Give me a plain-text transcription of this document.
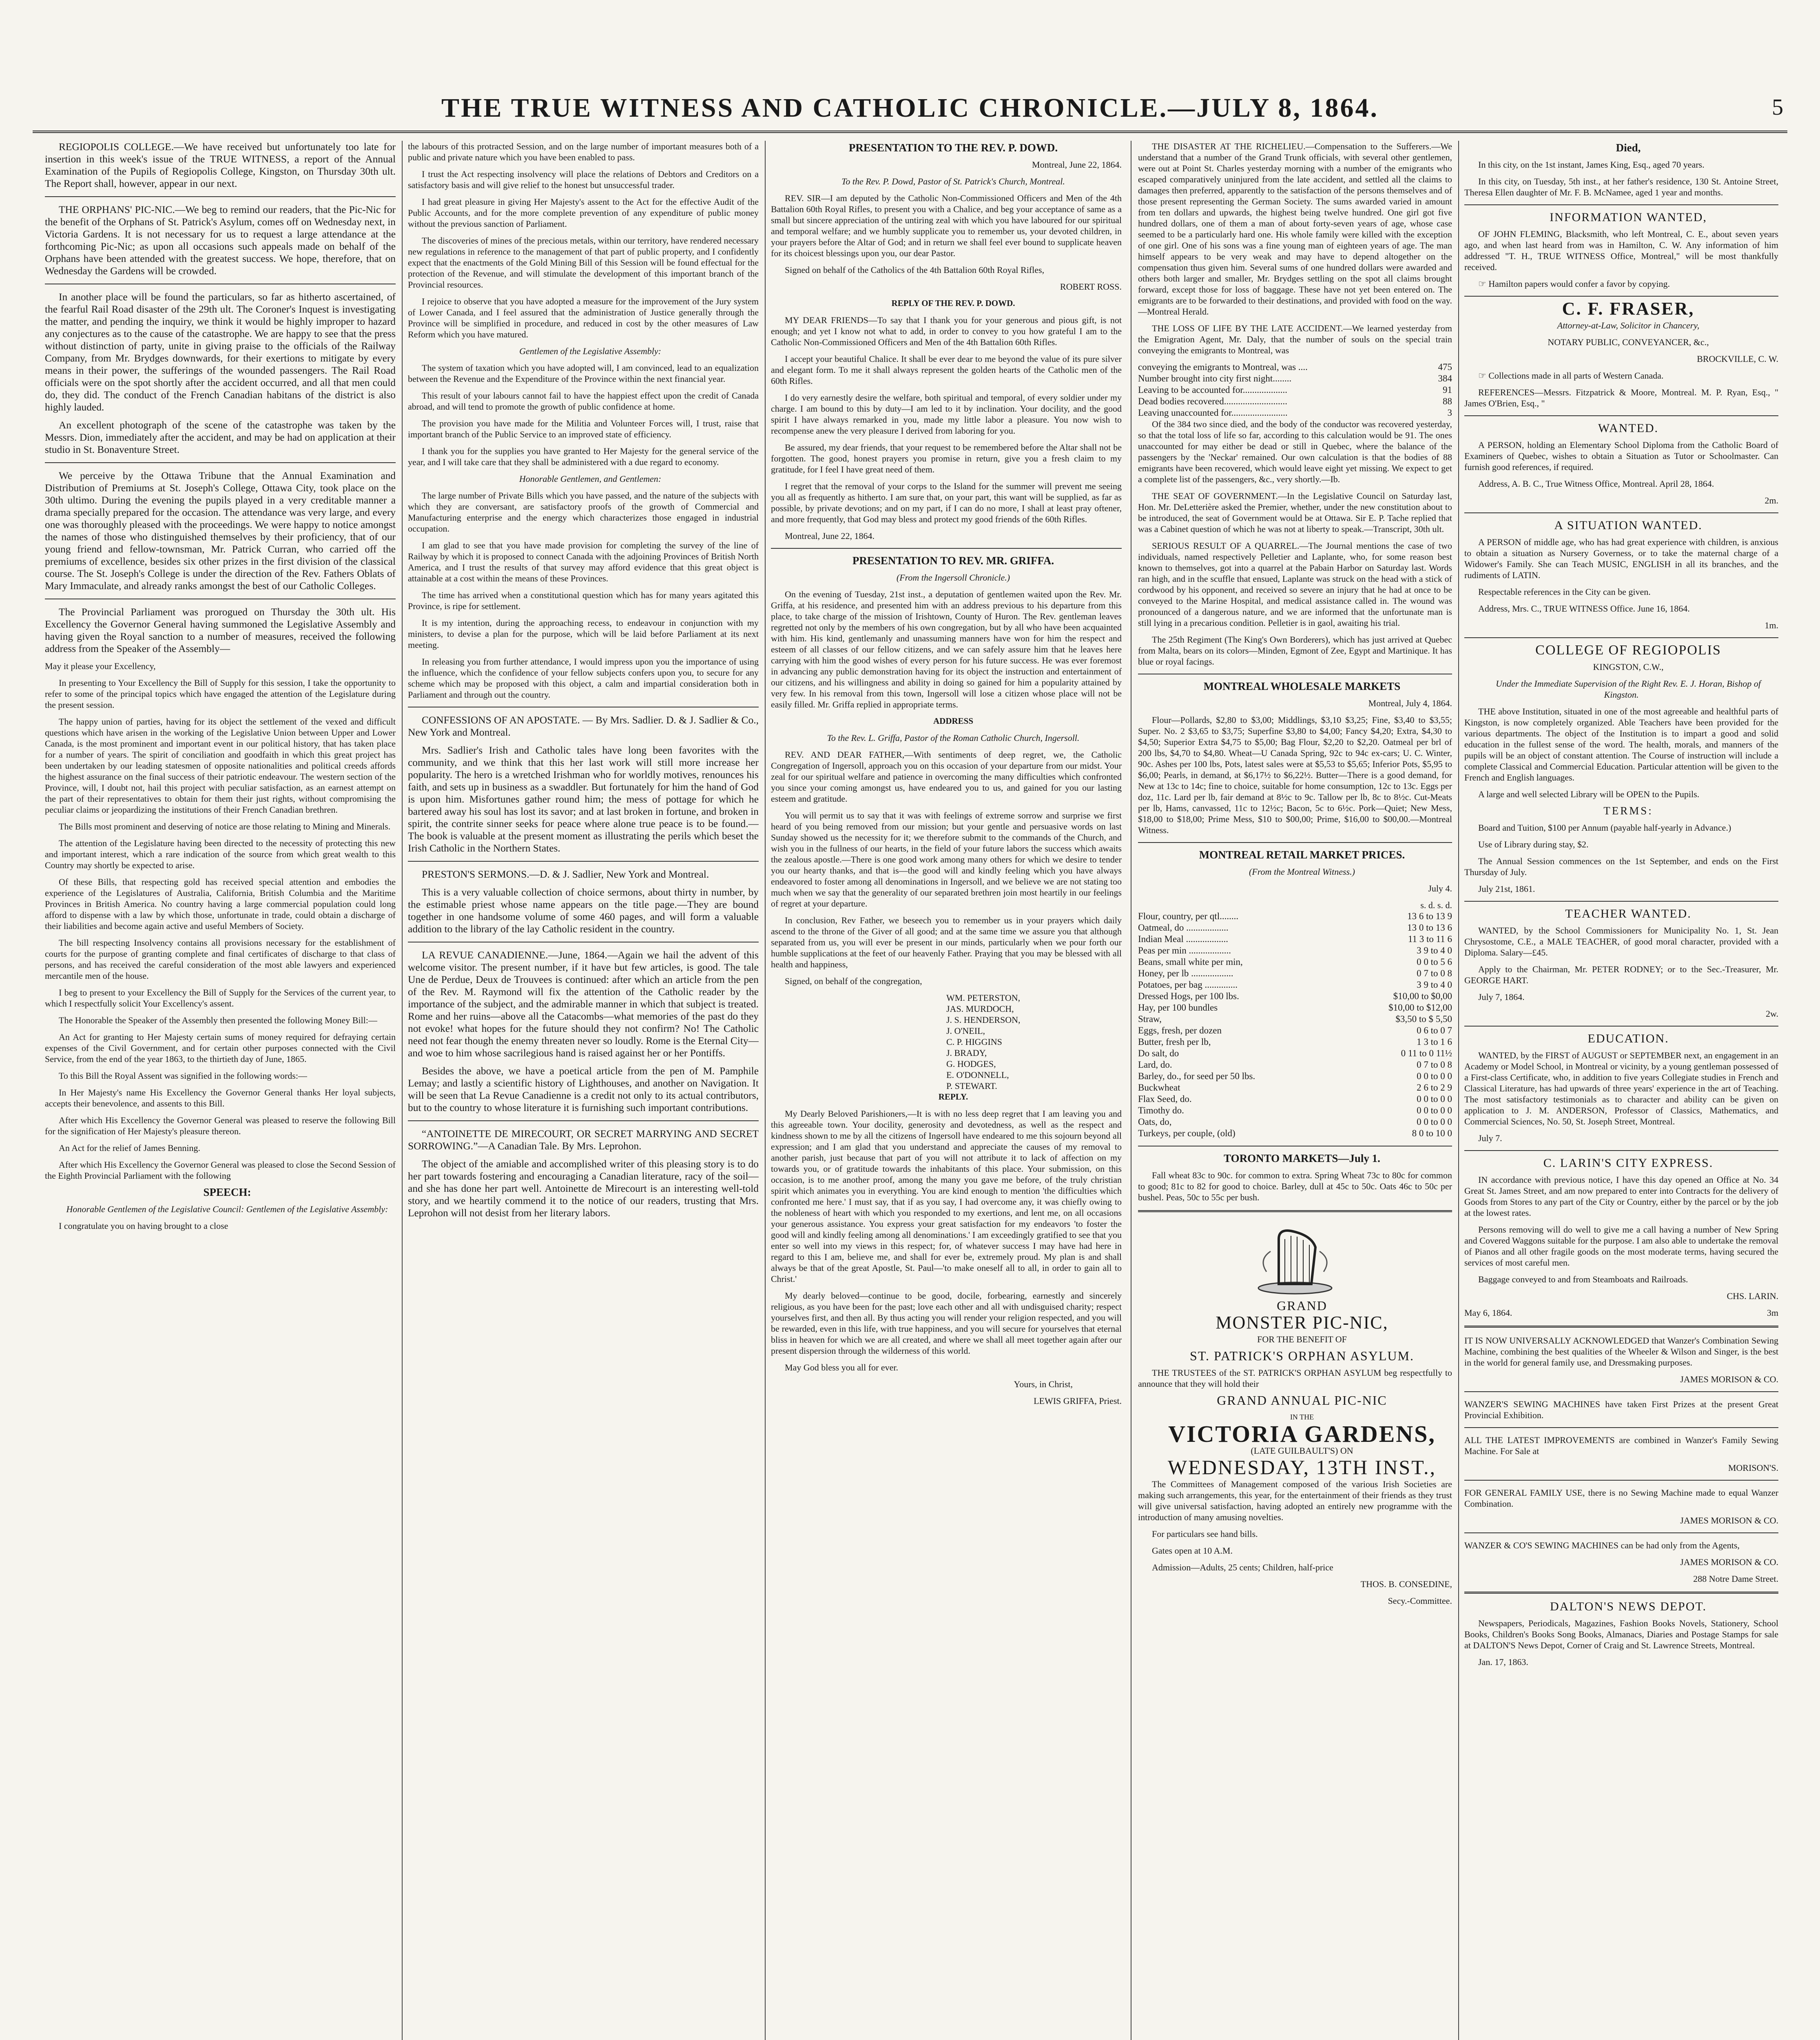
THE TRUE WITNESS AND CATHOLIC CHRONICLE.—JULY 8, 1864.	5

REGIOPOLIS COLLEGE.—We have received but unfortunately too late for insertion in this week's issue of the TRUE WITNESS, a report of the Annual Examination of the Pupils of Regiopolis College, Kingston, on Thursday 30th ult. The Report shall, however, appear in our next.

THE ORPHANS' PIC-NIC.—We beg to remind our readers, that the Pic-Nic for the benefit of the Orphans of St. Patrick's Asylum, comes off on Wednesday next, in Victoria Gardens. It is not necessary for us to request a large attendance at the forthcoming Pic-Nic; as upon all occasions such appeals made on behalf of the Orphans have been attended with the greatest success. We hope, therefore, that on Wednesday the Gardens will be crowded.

In another place will be found the particulars, so far as hitherto ascertained, of the fearful Rail Road disaster of the 29th ult. The Coroner's Inquest is investigating the matter, and pending the inquiry, we think it would be highly improper to hazard any conjectures as to the cause of the catastrophe. We are happy to see that the press without distinction of party, unite in giving praise to the officials of the Railway Company, from Mr. Brydges downwards, for their exertions to mitigate by every means in their power, the sufferings of the wounded passengers. The Rail Road officials were on the spot shortly after the accident occurred, and all that men could do, they did. The conduct of the French Canadian habitans of the district is also highly lauded.

An excellent photograph of the scene of the catastrophe was taken by the Messrs. Dion, immediately after the accident, and may be had on application at their studio in St. Bonaventure Street.

We perceive by the Ottawa Tribune that the Annual Examination and Distribution of Premiums at St. Joseph's College, Ottawa City, took place on the 30th ultimo. During the evening the pupils played in a very creditable manner a drama specially prepared for the occasion. The attendance was very large, and every one was thoroughly pleased with the proceedings. We were happy to notice amongst the names of those who distinguished themselves by their proficiency, that of our young friend and fellow-townsman, Mr. Patrick Curran, who carried off the premiums of excellence, besides six other prizes in the first division of the classical course. The St. Joseph's College is under the direction of the Rev. Fathers Oblats of Mary Immaculate, and already ranks amongst the best of our Catholic Colleges.

The Provincial Parliament was prorogued on Thursday the 30th ult. His Excellency the Governor General having summoned the Legislative Assembly and having given the Royal sanction to a number of measures, received the following address from the Speaker of the Assembly—

May it please your Excellency,

In presenting to Your Excellency the Bill of Supply for this session, I take the opportunity to refer to some of the principal topics which have engaged the attention of the Legislature during the present session.

The happy union of parties, having for its object the settlement of the vexed and difficult questions which have arisen in the working of the Legislative Union between Upper and Lower Canada, is the most prominent and important event in our political history, that has taken place for a number of years. The spirit of conciliation and goodfaith in which this great project has been undertaken by our leading statesmen of opposite nationalities and political creeds affords the highest assurance on the final success of their patriotic endeavour. The western section of the Province, will, I doubt not, hail this project with peculiar satisfaction, as an earnest attempt on the part of their representatives to obtain for them their just rights, without compromising the peculiar claims or jeopardizing the institutions of their French Canadian brethren.

The Bills most prominent and deserving of notice are those relating to Mining and Minerals.

The attention of the Legislature having been directed to the necessity of protecting this new and important interest, which a rare indication of the source from which great wealth to this Country may shortly be expected to arise.

Of these Bills, that respecting gold has received special attention and embodies the experience of the Legislatures of Australia, California, British Columbia and the Maritime Provinces in British America. No country having a large commercial population could long afford to dispense with a law by which those, unfortunate in trade, could obtain a discharge of their liabilities and become again active and useful Members of Society.

The bill respecting Insolvency contains all provisions necessary for the establishment of courts for the purpose of granting complete and final certificates of discharge to that class of persons, and has received the careful consideration of the most able lawyers and experienced mercantile men of the house.

I beg to present to your Excellency the Bill of Supply for the Services of the current year, to which I respectfully solicit Your Excellency's assent.

The Honorable the Speaker of the Assembly then presented the following Money Bill:—

An Act for granting to Her Majesty certain sums of money required for defraying certain expenses of the Civil Government, and for certain other purposes connected with the Civil Service, from the end of the year 1863, to the thirtieth day of June, 1865.

To this Bill the Royal Assent was signified in the following words:—

In Her Majesty's name His Excellency the Governor General thanks Her loyal subjects, accepts their benevolence, and assents to this Bill.

After which His Excellency the Governor General was pleased to reserve the following Bill for the signification of Her Majesty's pleasure thereon.

An Act for the relief of James Benning.

After which His Excellency the Governor General was pleased to close the Second Session of the Eighth Provincial Parliament with the following

SPEECH:

Honorable Gentlemen of the Legislative Council: Gentlemen of the Legislative Assembly:

I congratulate you on having brought to a close

the labours of this protracted Session, and on the large number of important measures both of a public and private nature which you have been enabled to pass.

I trust the Act respecting insolvency will place the relations of Debtors and Creditors on a satisfactory basis and will give relief to the honest but unsuccessful trader.

I had great pleasure in giving Her Majesty's assent to the Act for the effective Audit of the Public Accounts, and for the more complete prevention of any expenditure of public money without the previous sanction of Parliament.

The discoveries of mines of the precious metals, within our territory, have rendered necessary new regulations in reference to the management of that part of public property, and I confidently expect that the enactments of the Gold Mining Bill of this Session will be found effectual for the protection of the Revenue, and will stimulate the development of this important branch of the Provincial resources.

I rejoice to observe that you have adopted a measure for the improvement of the Jury system of Lower Canada, and I feel assured that the administration of Justice generally through the Province will be simplified in procedure, and reduced in cost by the other measures of Law Reform which you have matured.

Gentlemen of the Legislative Assembly:

The system of taxation which you have adopted will, I am convinced, lead to an equalization between the Revenue and the Expenditure of the Province within the next financial year.

This result of your labours cannot fail to have the happiest effect upon the credit of Canada abroad, and will tend to promote the growth of public confidence at home.

The provision you have made for the Militia and Volunteer Forces will, I trust, raise that important branch of the Public Service to an improved state of efficiency.

I thank you for the supplies you have granted to Her Majesty for the general service of the year, and I will take care that they shall be administered with a due regard to economy.

Honorable Gentlemen, and Gentlemen:

The large number of Private Bills which you have passed, and the nature of the subjects with which they are conversant, are satisfactory proofs of the growth of Commercial and Manufacturing enterprise and the energy which characterizes those engaged in industrial occupation.

I am glad to see that you have made provision for completing the survey of the line of Railway by which it is proposed to connect Canada with the adjoining Provinces of British North America, and I trust the results of that survey may afford evidence that this great object is attainable at a cost within the means of these Provinces.

The time has arrived when a constitutional question which has for many years agitated this Province, is ripe for settlement.

It is my intention, during the approaching recess, to endeavour in conjunction with my ministers, to devise a plan for the purpose, which will be laid before Parliament at its next meeting.

In releasing you from further attendance, I would impress upon you the importance of using the influence, which the confidence of your fellow subjects confers upon you, to secure for any scheme which may be proposed with this object, a calm and impartial consideration both in Parliament and through out the country.

CONFESSIONS OF AN APOSTATE. — By Mrs. Sadlier. D. & J. Sadlier & Co., New York and Montreal.

Mrs. Sadlier's Irish and Catholic tales have long been favorites with the community, and we think that this her last work will still more increase her popularity. The hero is a wretched Irishman who for worldly motives, renounces his faith, and sets up in business as a swaddler. But fortunately for him the hand of God is upon him. Misfortunes gather round him; the mess of pottage for which he bartered away his soul has lost its savor; and at last broken in fortune, and broken in spirit, the contrite sinner seeks for peace where alone true peace is to be found.—The book is valuable at the present moment as illustrating the perils which beset the Irish Catholic in the Northern States.

PRESTON'S SERMONS.—D. & J. Sadlier, New York and Montreal.

This is a very valuable collection of choice sermons, about thirty in number, by the estimable priest whose name appears on the title page.—They are bound together in one handsome volume of some 460 pages, and will form a valuable addition to the library of the lay Catholic resident in the country.

LA REVUE CANADIENNE.—June, 1864.—Again we hail the advent of this welcome visitor. The present number, if it have but few articles, is good. The tale Une de Perdue, Deux de Trouvees is continued: after which an article from the pen of the Rev. M. Raymond will fix the attention of the Catholic reader by the importance of the subject, and the admirable manner in which that subject is treated. Rome and her ruins—above all the Catacombs—what memories of the past do they not evoke! what hopes for the future should they not confirm? No! The Catholic need not fear though the enemy threaten never so loudly. Rome is the Eternal City—and woe to him whose sacrilegious hand is raised against her or her Pontiffs.

Besides the above, we have a poetical article from the pen of M. Pamphile Lemay; and lastly a scientific history of Lighthouses, and another on Navigation. It will be seen that La Revue Canadienne is a credit not only to its actual contributors, but to the country to whose literature it is furnishing such important contributions.

“ANTOINETTE DE MIRECOURT, OR SECRET MARRYING AND SECRET SORROWING.”—A Canadian Tale. By Mrs. Leprohon.

The object of the amiable and accomplished writer of this pleasing story is to do her part towards fostering and encouraging a Canadian literature, racy of the soil—and she has done her part well. Antoinette de Mirecourt is an interesting well-told story, and we heartily commend it to the notice of our readers, trusting that Mrs. Leprohon will not desist from her literary labors.

PRESENTATION TO THE REV. P. DOWD.

Montreal, June 22, 1864.

To the Rev. P. Dowd, Pastor of St. Patrick's Church, Montreal.

REV. SIR—I am deputed by the Catholic Non-Commissioned Officers and Men of the 4th Battalion 60th Royal Rifles, to present you with a Chalice, and beg your acceptance of same as a small but sincere appreciation of the untiring zeal with which you have laboured for our spiritual and temporal welfare; and we humbly supplicate you to remember us, your devoted children, in your prayers before the Altar of God; and in return we shall feel ever bound to supplicate heaven for its choicest blessings upon you, our dear Pastor.

Signed on behalf of the Catholics of the 4th Battalion 60th Royal Rifles,

ROBERT ROSS.

REPLY OF THE REV. P. DOWD.

MY DEAR FRIENDS—To say that I thank you for your generous and pious gift, is not enough; and yet I know not what to add, in order to convey to you how grateful I am to the Catholic Non-Commissioned Officers and Men of the 4th Battalion 60th Rifles.

I accept your beautiful Chalice. It shall be ever dear to me beyond the value of its pure silver and elegant form. To me it shall always represent the golden hearts of the Catholic men of the 60th Rifles.

I do very earnestly desire the welfare, both spiritual and temporal, of every soldier under my charge. I am bound to this by duty—I am led to it by inclination. Your docility, and the good spirit I have always remarked in you, made my little labor a pleasure. You now wish to recompense anew the very pleasure I derived from laboring for you.

Be assured, my dear friends, that your request to be remembered before the Altar shall not be forgotten. The good, honest prayers you promise in return, give you a fresh claim to my gratitude, for I feel I have great need of them.

I regret that the removal of your corps to the Island for the summer will prevent me seeing you all as frequently as hitherto. I am sure that, on your part, this want will be supplied, as far as possible, by private devotions; and on my part, if I can do no more, I shall at least pray oftener, and more frequently, that God may bless and protect my good friends of the 60th Rifles.

Montreal, June 22, 1864.

PRESENTATION TO REV. MR. GRIFFA.

(From the Ingersoll Chronicle.)

On the evening of Tuesday, 21st inst., a deputation of gentlemen waited upon the Rev. Mr. Griffa, at his residence, and presented him with an address previous to his departure from this place, to take charge of the mission of Irishtown, County of Huron. The Rev. gentleman leaves regretted not only by the members of his own congregation, but by all who have been acquainted with him. His kind, gentlemanly and unassuming manners have won for him the respect and esteem of all classes of our fellow citizens, and we can safely assure him that he leaves here carrying with him the good wishes of every person for his future success. He was ever foremost in advancing any public demonstration having for its object the instruction and entertainment of our citizens, and his willingness and ability in doing so gained for him a popularity attained by very few. In his removal from this town, Ingersoll will lose a citizen whose place will not be easily filled. Mr. Griffa replied in appropriate terms.

ADDRESS

To the Rev. L. Griffa, Pastor of the Roman Catholic Church, Ingersoll.

REV. AND DEAR FATHER,—With sentiments of deep regret, we, the Catholic Congregation of Ingersoll, approach you on this occasion of your departure from our midst. Your zeal for our spiritual welfare and patience in overcoming the many difficulties which confronted you since your coming amongst us, have endeared you to us, and gained for you our lasting esteem and gratitude.

You will permit us to say that it was with feelings of extreme sorrow and surprise we first heard of you being removed from our mission; but your gentle and persuasive words on last Sunday showed us the necessity for it; we therefore submit to the commands of the Church, and wish you in the fullness of our hearts, in the field of your future labors the success which awaits the zealous apostle.—There is one good work among many others for which we desire to tender you our hearty thanks, and that is—the good will and kindly feeling which you have always endeavored to foster among all denominations in Ingersoll, and we believe we are not stating too much when we say that the generality of our separated brethren join most heartily in our feelings of regret at your departure.

In conclusion, Rev Father, we beseech you to remember us in your prayers which daily ascend to the throne of the Giver of all good; and at the same time we assure you that although separated from us, you will ever be present in our minds, particularly when we pour forth our humble supplications at the feet of our heavenly Father. Praying that you may be blessed with all health and happiness,

Signed, on behalf of the congregation,

WM. PETERSTON,
JAS. MURDOCH,
J. S. HENDERSON,
J. O'NEIL,
C. P. HIGGINS
J. BRADY,
G. HODGES,
E. O'DONNELL,
P. STEWART.

REPLY.

My Dearly Beloved Parishioners,—It is with no less deep regret that I am leaving you and this agreeable town. Your docility, generosity and devotedness, as well as the respect and kindness shown to me by all the citizens of Ingersoll have endeared to me this sojourn beyond all expression; and I am glad that you understand and appreciate the causes of my removal to another parish, just because that part of you will not attribute it to lack of affection on my towards you, or of gratitude towards the inhabitants of this place. Your submission, on this occasion, is to me another proof, among the many you gave me before, of the truly christian spirit which animates you in everything. You are kind enough to mention 'the difficulties which confronted me here.' I must say, that if as you say, I had overcome any, it was chiefly owing to the nobleness of heart with which you responded to my exertions, and lent me, on all occasions your generous assistance. You express your great satisfaction for my endeavors 'to foster the good will and kindly feeling among all denominations.' I am exceedingly gratified to see that you enter so well into my views in this respect; for, of whatever success I may have had here in regard to this I am, believe me, and shall for ever be, extremely proud. My plan is and shall always be that of the great Apostle, St. Paul—'to make oneself all to all, in order to gain all to Christ.'

My dearly beloved—continue to be good, docile, forbearing, earnestly and sincerely religious, as you have been for the past; love each other and all with undisguised charity; respect yourselves first, and then all. By thus acting you will render your religion respected, and you will be rewarded, even in this life, with true happiness, and you will secure for yourselves that eternal bliss in heaven for which we are all created, and where we shall all meet together again after our present dispersion through the wilderness of this world.

May God bless you all for ever.

Yours, in Christ,

LEWIS GRIFFA, Priest.

THE DISASTER AT THE RICHELIEU.—Compensation to the Sufferers.—We understand that a number of the Grand Trunk officials, with several other gentlemen, were out at Point St. Charles yesterday morning with a number of the emigrants who escaped comparatively uninjured from the late accident, and settled all the claims to damages then preferred, apparently to the satisfaction of the persons themselves and of those present representing the German Society. The sums awarded varied in amount from ten dollars and upwards, the highest being twelve hundred. One girl got five hundred dollars, one of them a man of about forty-seven years of age, whose case seemed to be a particularly hard one. His whole family were killed with the exception of one girl. One of his sons was a fine young man of eighteen years of age. The man himself appears to be very weak and may have to depend altogether on the compensation thus given him. Several sums of one hundred dollars were awarded and others both larger and smaller, Mr. Brydges settling on the spot all claims brought forward, except those for loss of baggage. These have not yet been entered on. The emigrants are to be forwarded to their destinations, and provided with food on the way.—Montreal Herald.

THE LOSS OF LIFE BY THE LATE ACCIDENT.—We learned yesterday from the Emigration Agent, Mr. Daly, that the number of souls on the special train conveying the emigrants to Montreal, was

conveying the emigrants to Montreal, was ....	475
Number brought into city first night........	384
Leaving to be accounted for...................	91
Dead bodies recovered...........................	88
Leaving unaccounted for........................	3

Of the 384 two since died, and the body of the conductor was recovered yesterday, so that the total loss of life so far, according to this calculation would be 91. The ones unaccounted for may either be dead or still in Quebec, where the balance of the passengers by the 'Neckar' remained. Our own calculation is that the bodies of 88 emigrants have been recovered, which would leave eight yet missing. We expect to get a complete list of the passengers, &c., very shortly.—Ib.

THE SEAT OF GOVERNMENT.—In the Legislative Council on Saturday last, Hon. Mr. DeLetterière asked the Premier, whether, under the new constitution about to be introduced, the seat of Government would be at Ottawa. Sir E. P. Tache replied that was a Cabinet question of which he was not at liberty to speak.—Transcript, 30th ult.

SERIOUS RESULT OF A QUARREL.—The Journal mentions the case of two individuals, named respectively Pelletier and Laplante, who, for some reason best known to themselves, got into a quarrel at the Pabain Harbor on Saturday last. Words ran high, and in the scuffle that ensued, Laplante was struck on the head with a stick of cordwood by his opponent, and received so severe an injury that he had at once to be conveyed to the Marine Hospital, and medical assistance called in. The wound was pronounced of a dangerous nature, and we are informed that the unfortunate man is still lying in a precarious condition. Pelletier is in gaol, awaiting his trial.

The 25th Regiment (The King's Own Borderers), which has just arrived at Quebec from Malta, bears on its colors—Minden, Egmont of Zee, Egypt and Martinique. It has blue or royal facings.

MONTREAL WHOLESALE MARKETS

Montreal, July 4, 1864.

Flour—Pollards, $2,80 to $3,00; Middlings, $3,10 $3,25; Fine, $3,40 to $3,55; Super. No. 2 $3,65 to $3,75; Superfine $3,80 to $4,00; Fancy $4,20; Extra, $4,30 to $4,50; Superior Extra $4,75 to $5,00; Bag Flour, $2,20 to $2,20. Oatmeal per brl of 200 lbs, $4,70 to $4,80. Wheat—U Canada Spring, 92c to 94c ex-cars; U. C. Winter, 90c. Ashes per 100 lbs, Pots, latest sales were at $5,53 to $5,65; Inferior Pots, $5,95 to $6,00; Pearls, in demand, at $6,17½ to $6,22½. Butter—There is a good demand, for New at 13c to 14c; fine to choice, suitable for home consumption, 12c to 13c. Eggs per doz, 11c. Lard per lb, fair demand at 8½c to 9c. Tallow per lb, 8c to 8½c. Cut-Meats per lb, Hams, canvassed, 11c to 12½c; Bacon, 5c to 6½c. Pork—Quiet; New Mess, $18,00 to $18,00; Prime Mess, $10 to $00,00; Prime, $16,00 to $00,00.—Montreal Witness.

MONTREAL RETAIL MARKET PRICES.

(From the Montreal Witness.)

July 4.

s. d. s. d.

Flour, country, per qtl........	13 6 to 13 9
Oatmeal, do ..................	13 0 to 13 6
Indian Meal ..................	11 3 to 11 6
Peas per min ..................	3 9 to 4 0
Beans, small white per min,	0 0 to 5 6
Honey, per lb ..................	0 7 to 0 8
Potatoes, per bag ..............	3 9 to 4 0
Dressed Hogs, per 100 lbs.	$10,00 to $0,00
Hay, per 100 bundles	$10,00 to $12,00
Straw,	$3,50 to $ 5,50
Eggs, fresh, per dozen	0 6 to 0 7
Butter, fresh per lb,	1 3 to 1 6
Do salt, do	0 11 to 0 11½
Lard, do.	0 7 to 0 8
Barley, do., for seed per 50 lbs.	0 0 to 0 0
Buckwheat	2 6 to 2 9
Flax Seed, do.	0 0 to 0 0
Timothy do.	0 0 to 0 0
Oats, do,	0 0 to 0 0
Turkeys, per couple, (old)	8 0 to 10 0

TORONTO MARKETS—July 1.

Fall wheat 83c to 90c. for common to extra. Spring Wheat 73c to 80c for common to good; 81c to 82 for good to choice. Barley, dull at 45c to 50c. Oats 46c to 50c per bushel. Peas, 50c to 55c per bush.

GRAND

MONSTER PIC-NIC,

FOR THE BENEFIT OF

ST. PATRICK'S ORPHAN ASYLUM.

THE TRUSTEES of the ST. PATRICK'S ORPHAN ASYLUM beg respectfully to announce that they will hold their

GRAND ANNUAL PIC-NIC

IN THE

VICTORIA GARDENS,

(LATE GUILBAULT'S) ON

WEDNESDAY, 13TH INST.,

The Committees of Management composed of the various Irish Societies are making such arrangements, this year, for the entertainment of their friends as they trust will give universal satisfaction, having adopted an entirely new programme with the introduction of many amusing novelties.

For particulars see hand bills.

Gates open at 10 A.M.

Admission—Adults, 25 cents; Children, half-price

THOS. B. CONSEDINE,

Secy.-Committee.

Died,

In this city, on the 1st instant, James King, Esq., aged 70 years.

In this city, on Tuesday, 5th inst., at her father's residence, 130 St. Antoine Street, Theresa Ellen daughter of Mr. F. B. McNamee, aged 1 year and months.

INFORMATION WANTED,

OF JOHN FLEMING, Blacksmith, who left Montreal, C. E., about seven years ago, and when last heard from was in Hamilton, C. W. Any information of him addressed "T. H., TRUE WITNESS Office, Montreal," will be most thankfully received.

☞ Hamilton papers would confer a favor by copying.

C. F. FRASER,

Attorney-at-Law, Solicitor in Chancery,

NOTARY PUBLIC, CONVEYANCER, &c.,

BROCKVILLE, C. W.

☞ Collections made in all parts of Western Canada.

REFERENCES—Messrs. Fitzpatrick & Moore, Montreal. M. P. Ryan, Esq., " James O'Brien, Esq., "

WANTED.

A PERSON, holding an Elementary School Diploma from the Catholic Board of Examiners of Quebec, wishes to obtain a Situation as Tutor or Schoolmaster. Can furnish good references, if required.

Address, A. B. C., True Witness Office, Montreal. April 28, 1864.

2m.

A SITUATION WANTED.

A PERSON of middle age, who has had great experience with children, is anxious to obtain a situation as Nursery Governess, or to take the maternal charge of a Widower's Family. She can Teach MUSIC, ENGLISH in all its branches, and the rudiments of LATIN.

Respectable references in the City can be given.

Address, Mrs. C., TRUE WITNESS Office. June 16, 1864.

1m.

COLLEGE OF REGIOPOLIS

KINGSTON, C.W.,

Under the Immediate Supervision of the Right Rev. E. J. Horan, Bishop of Kingston.

THE above Institution, situated in one of the most agreeable and healthful parts of Kingston, is now completely organized. Able Teachers have been provided for the various departments. The object of the Institution is to impart a good and solid education in the fullest sense of the word. The health, morals, and manners of the pupils will be an object of constant attention. The Course of instruction will include a complete Classical and Commercial Education. Particular attention will be given to the French and English languages.

A large and well selected Library will be OPEN to the Pupils.

TERMS:

Board and Tuition, $100 per Annum (payable half-yearly in Advance.)

Use of Library during stay, $2.

The Annual Session commences on the 1st September, and ends on the First Thursday of July.

July 21st, 1861.

TEACHER WANTED.

WANTED, by the School Commissioners for Municipality No. 1, St. Jean Chrysostome, C.E., a MALE TEACHER, of good moral character, provided with a Diploma. Salary—£45.

Apply to the Chairman, Mr. PETER RODNEY; or to the Sec.-Treasurer, Mr. GEORGE HART.

July 7, 1864.

2w.

EDUCATION.

WANTED, by the FIRST of AUGUST or SEPTEMBER next, an engagement in an Academy or Model School, in Montreal or vicinity, by a young gentleman possessed of a First-class Certificate, who, in addition to five years Collegiate studies in French and Classical Literature, has had upwards of three years' experience in the art of Teaching. The most satisfactory testimonials as to character and ability can be given on application to J. M. ANDERSON, Professor of Classics, Mathematics, and Commercial Sciences, No. 50, St. Joseph Street, Montreal.

July 7.

C. LARIN'S CITY EXPRESS.

IN accordance with previous notice, I have this day opened an Office at No. 34 Great St. James Street, and am now prepared to enter into Contracts for the delivery of Goods from Stores to any part of the City or Country, either by the parcel or by the job at the lowest rates.

Persons removing will do well to give me a call having a number of New Spring and Covered Waggons suitable for the purpose. I am also able to undertake the removal of Pianos and all other fragile goods on the most moderate terms, having secured the services of most careful men.

Baggage conveyed to and from Steamboats and Railroads.

CHS. LARIN.

May 6, 1864.	3m

IT IS NOW UNIVERSALLY ACKNOWLEDGED that Wanzer's Combination Sewing Machine, combining the best qualities of the Wheeler & Wilson and Singer, is the best in the world for general family use, and Dressmaking purposes.

JAMES MORISON & CO.

WANZER'S SEWING MACHINES have taken First Prizes at the present Great Provincial Exhibition.

ALL THE LATEST IMPROVEMENTS are combined in Wanzer's Family Sewing Machine. For Sale at

MORISON'S.

FOR GENERAL FAMILY USE, there is no Sewing Machine made to equal Wanzer Combination.

JAMES MORISON & CO.

WANZER & CO'S SEWING MACHINES can be had only from the Agents,

JAMES MORISON & CO.

288 Notre Dame Street.

DALTON'S NEWS DEPOT.

Newspapers, Periodicals, Magazines, Fashion Books Novels, Stationery, School Books, Children's Books Song Books, Almanacs, Diaries and Postage Stamps for sale at DALTON'S News Depot, Corner of Craig and St. Lawrence Streets, Montreal.

Jan. 17, 1863.
